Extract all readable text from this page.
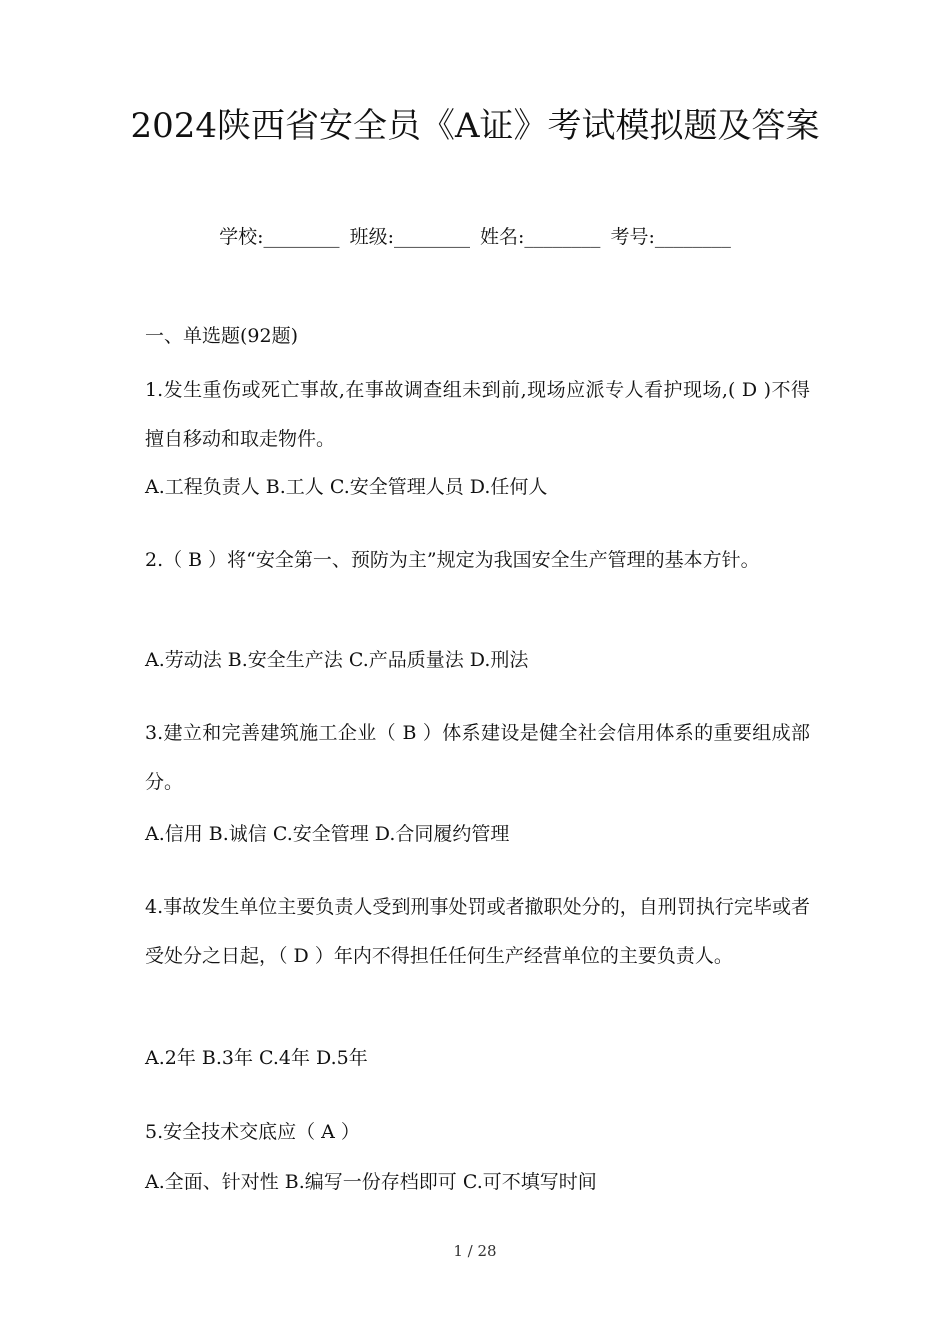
2024陕西省安全员《A证》考试模拟题及答案
学校:________ 班级:________ 姓名:________ 考号:________
一、单选题(92题)
1.发生重伤或死亡事故,在事故调查组未到前,现场应派专人看护现场,( D )不得擅自移动和取走物件。
A.工程负责人 B.工人 C.安全管理人员 D.任何人
2.（ B ）将“安全第一、预防为主”规定为我国安全生产管理的基本方针。
A.劳动法 B.安全生产法 C.产品质量法 D.刑法
3.建立和完善建筑施工企业（ B ）体系建设是健全社会信用体系的重要组成部分。
A.信用 B.诚信 C.安全管理 D.合同履约管理
4.事故发生单位主要负责人受到刑事处罚或者撤职处分的，自刑罚执行完毕或者受处分之日起，（ D ）年内不得担任任何生产经营单位的主要负责人。
A.2年 B.3年 C.4年 D.5年
5.安全技术交底应（ A ）
A.全面、针对性 B.编写一份存档即可 C.可不填写时间
1 / 28
